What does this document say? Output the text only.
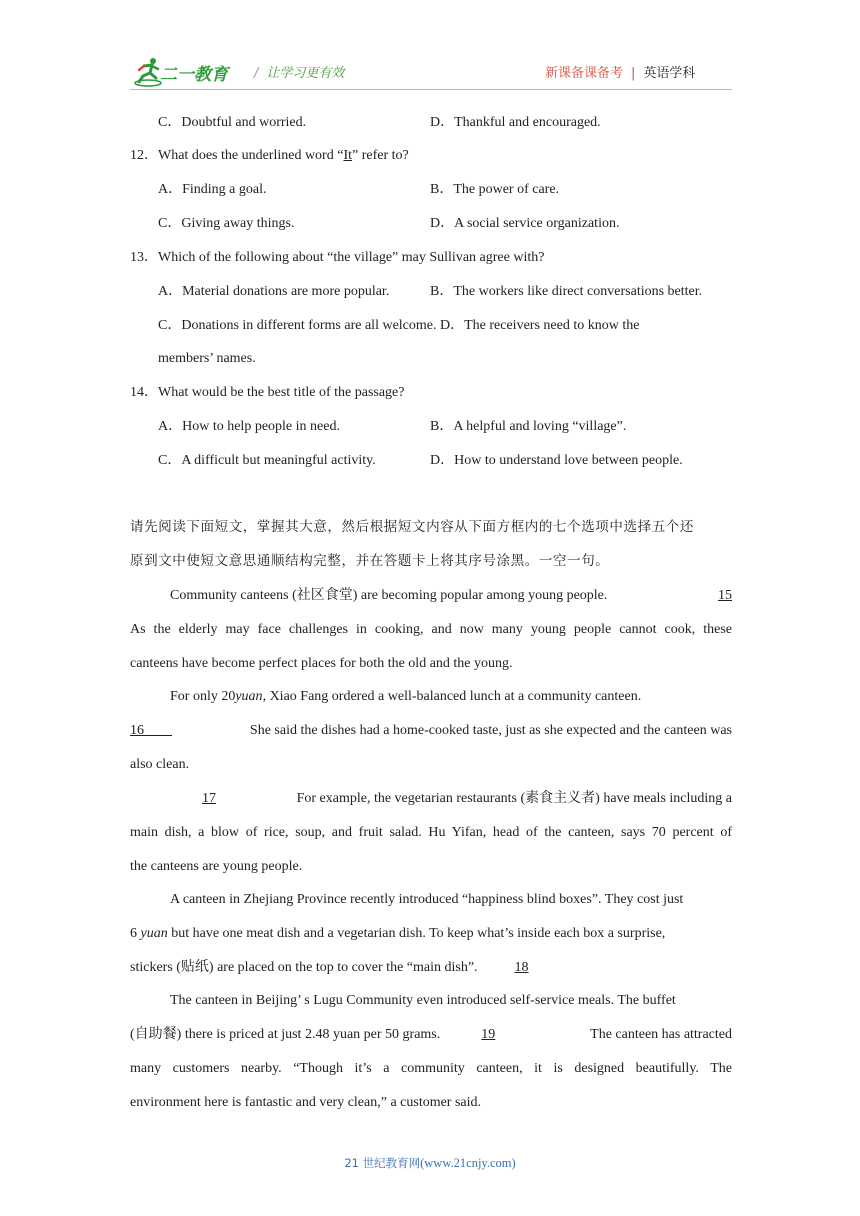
二一教育 / 让学习更有效	新课备课备考 | 英语学科
C．Doubtful and worried.	D．Thankful and encouraged.
12．What does the underlined word “It” refer to?
A．Finding a goal.	B．The power of care.
C．Giving away things.	D．A social service organization.
13．Which of the following about “the village” may Sullivan agree with?
A．Material donations are more popular.	B．The workers like direct conversations better.
C．Donations in different forms are all welcome. D．The receivers need to know the
members’ names.
14．What would be the best title of the passage?
A．How to help people in need.	B．A helpful and loving “village”.
C．A difficult but meaningful activity.	D．How to understand love between people.
请先阅读下面短文，掌握其大意，然后根据短文内容从下面方框内的七个选项中选择五个还
原到文中使短文意思通顺结构完整，并在答题卡上将其序号涂黑。一空一句。
Community canteens (社区食堂) are becoming popular among young people.	15
As the elderly may face challenges in cooking, and now many young people cannot cook, these
canteens have become perfect places for both the old and the young.
For only 20 yuan , Xiao Fang ordered a well-balanced lunch at a community canteen.
16    	She said the dishes had a home-cooked taste, just as she expected and the canteen was
also clean.
17	For example, the vegetarian restaurants (素食主义者) have meals including a
main dish, a blow of rice, soup, and fruit salad. Hu Yifan, head of the canteen, says 70 percent of
the canteens are young people.
A canteen in Zhejiang Province recently introduced “happiness blind boxes”. They cost just
6 yuan but have one meat dish and a vegetarian dish. To keep what’s inside each box a surprise,
stickers (贴纸) are placed on the top to cover the “main dish”.	18
The canteen in Beijing’ s Lugu Community even introduced self-service meals. The buffet
(自助餐) there is priced at just 2.48 yuan per 50 grams.	19	The canteen has attracted
many customers nearby. “Though it’s a community canteen, it is designed beautifully. The
environment here is fantastic and very clean,” a customer said.
21 世纪教育网(www.21cnjy.com)
